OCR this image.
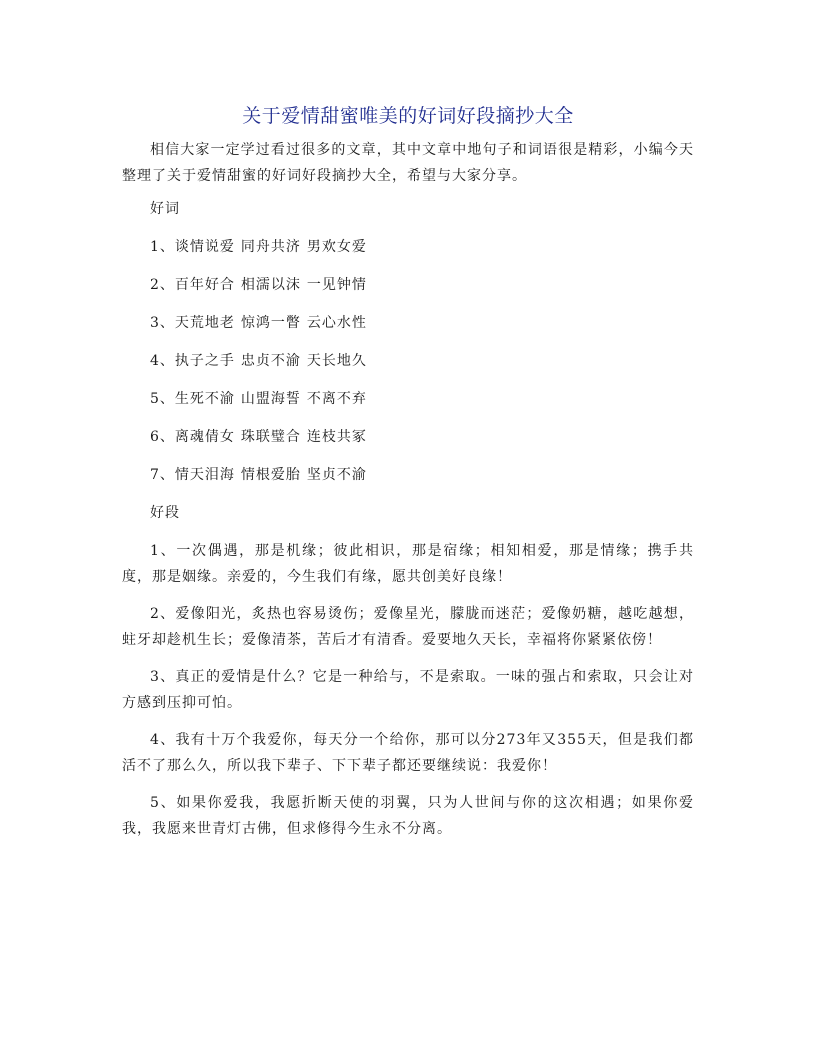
关于爱情甜蜜唯美的好词好段摘抄大全

相信大家一定学过看过很多的文章，其中文章中地句子和词语很是精彩，小编今天整理了关于爱情甜蜜的好词好段摘抄大全，希望与大家分享。

好词

1、谈情说爱 同舟共济 男欢女爱

2、百年好合 相濡以沫 一见钟情

3、天荒地老 惊鸿一瞥 云心水性

4、执子之手 忠贞不渝 天长地久

5、生死不渝 山盟海誓 不离不弃

6、离魂倩女 珠联璧合 连枝共冢

7、情天泪海 情根爱胎 坚贞不渝

好段

1、一次偶遇，那是机缘；彼此相识，那是宿缘；相知相爱，那是情缘；携手共度，那是姻缘。亲爱的，今生我们有缘，愿共创美好良缘！

2、爱像阳光，炙热也容易烫伤；爱像星光，朦胧而迷茫；爱像奶糖，越吃越想，蛀牙却趁机生长；爱像清茶，苦后才有清香。爱要地久天长，幸福将你紧紧依傍！

3、真正的爱情是什么？它是一种给与，不是索取。一味的强占和索取，只会让对方感到压抑可怕。

4、我有十万个我爱你，每天分一个给你，那可以分273年又355天，但是我们都活不了那么久，所以我下辈子、下下辈子都还要继续说：我爱你！

5、如果你爱我，我愿折断天使的羽翼，只为人世间与你的这次相遇；如果你爱我，我愿来世青灯古佛，但求修得今生永不分离。
